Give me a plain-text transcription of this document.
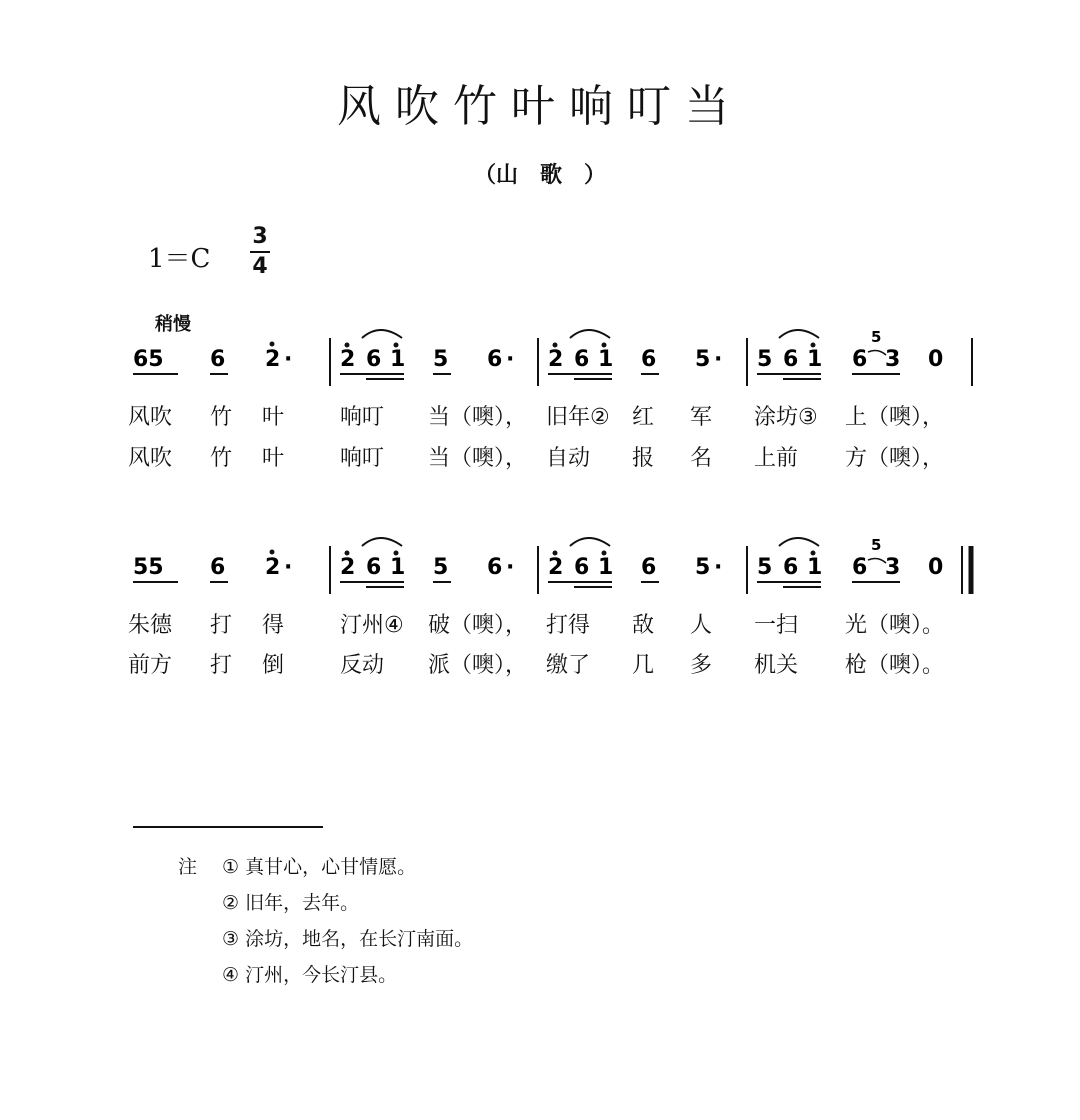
风吹竹叶响叮当
（山歌）
1＝C
3
4
稍慢
65 6 2 · 2 6 1 5 6 · 2 6 1 6 5 · 5 6 1 6
5
3 0
55 6 2 · 2 6 1 5 6 · 2 6 1 6 5 · 5 6 1 6
5
3 0
风吹 竹 叶	响叮 当（噢）， 旧年② 红 军 涂坊③ 上（噢），
风吹 竹 叶	响叮 当（噢）， 自动 报 名 上前 方（噢），
朱德 打 得	汀州④ 破（噢）， 打得 敌 人 一扫 光（噢）。
前方 打 倒	反动 派（噢）， 缴了 几 多 机关 枪（噢）。
注 ① 真甘心，心甘情愿。
② 旧年，去年。
③ 涂坊，地名，在长汀南面。
④ 汀州，今长汀县。
